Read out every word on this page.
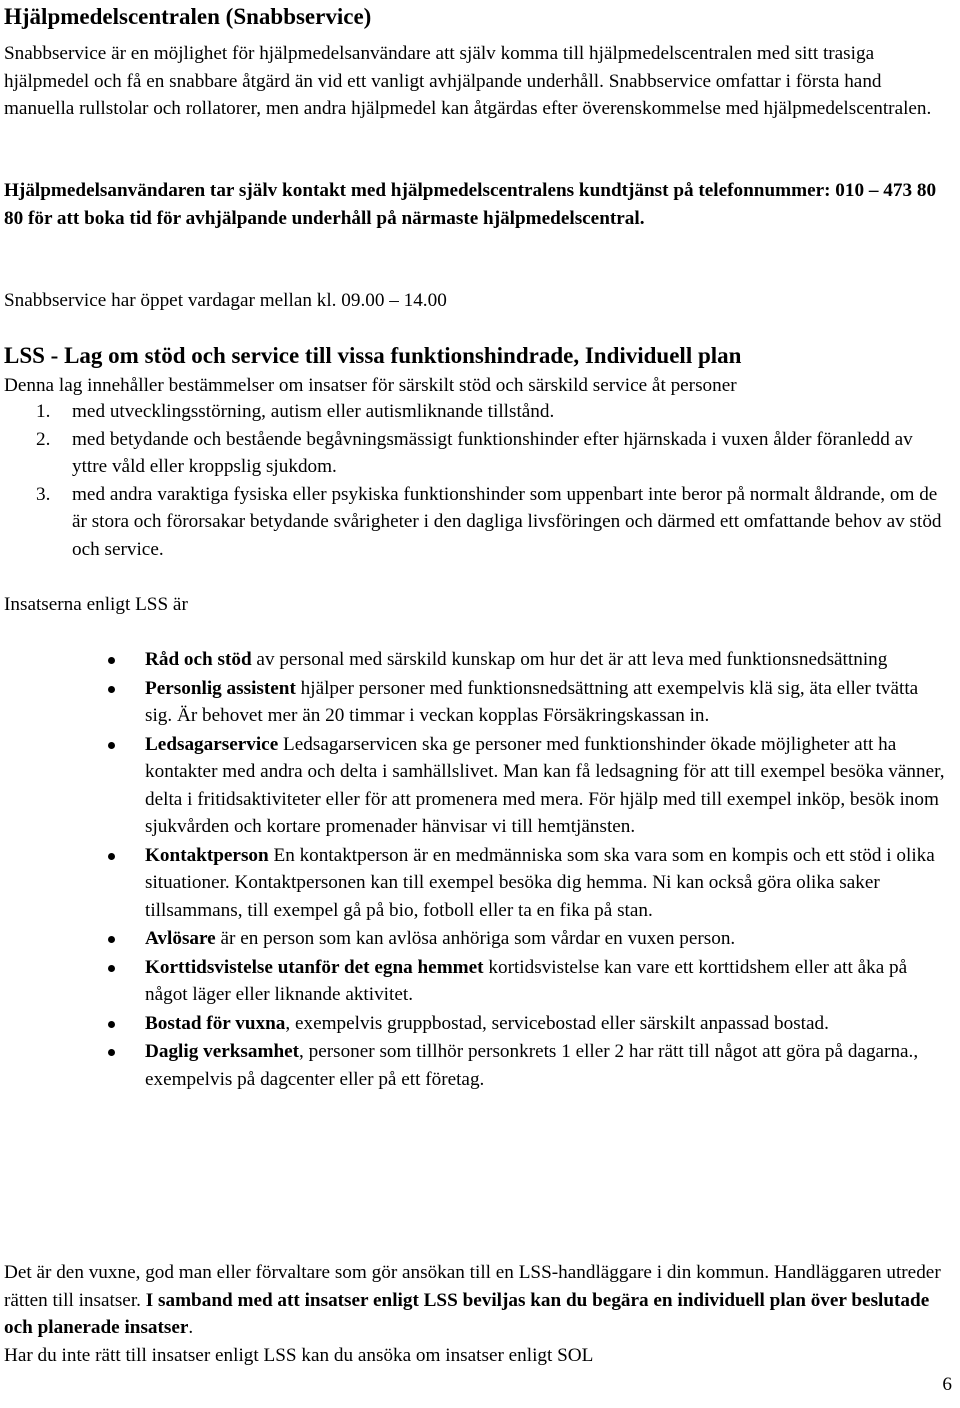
Hjälpmedelscentralen (Snabbservice)

Snabbservice är en möjlighet för hjälpmedelsanvändare att själv komma till hjälpmedelscentralen med sitt trasiga hjälpmedel och få en snabbare åtgärd än vid ett vanligt avhjälpande underhåll. Snabbservice omfattar i första hand manuella rullstolar och rollatorer, men andra hjälpmedel kan åtgärdas efter överenskommelse med hjälpmedelscentralen.

Hjälpmedelsanvändaren tar själv kontakt med hjälpmedelscentralens kundtjänst på telefonnummer: 010 – 473 80 80 för att boka tid för avhjälpande underhåll på närmaste hjälpmedelscentral.

Snabbservice har öppet vardagar mellan kl. 09.00 – 14.00

LSS - Lag om stöd och service till vissa funktionshindrade, Individuell plan

Denna lag innehåller bestämmelser om insatser för särskilt stöd och särskild service åt personer

1. med utvecklingsstörning, autism eller autismliknande tillstånd.
2. med betydande och bestående begåvningsmässigt funktionshinder efter hjärnskada i vuxen ålder föranledd av yttre våld eller kroppslig sjukdom.
3. med andra varaktiga fysiska eller psykiska funktionshinder som uppenbart inte beror på normalt åldrande, om de är stora och förorsakar betydande svårigheter i den dagliga livsföringen och därmed ett omfattande behov av stöd och service.

Insatserna enligt LSS är

Råd och stöd av personal med särskild kunskap om hur det är att leva med funktionsnedsättning
Personlig assistent hjälper personer med funktionsnedsättning att exempelvis klä sig, äta eller tvätta sig. Är behovet mer än 20 timmar i veckan kopplas Försäkringskassan in.
Ledsagarservice Ledsagarservicen ska ge personer med funktionshinder ökade möjligheter att ha kontakter med andra och delta i samhällslivet. Man kan få ledsagning för att till exempel besöka vänner, delta i fritidsaktiviteter eller för att promenera med mera. För hjälp med till exempel inköp, besök inom sjukvården och kortare promenader hänvisar vi till hemtjänsten.
Kontaktperson En kontaktperson är en medmänniska som ska vara som en kompis och ett stöd i olika situationer. Kontaktpersonen kan till exempel besöka dig hemma. Ni kan också göra olika saker tillsammans, till exempel gå på bio, fotboll eller ta en fika på stan.
Avlösare är en person som kan avlösa anhöriga som vårdar en vuxen person.
Korttidsvistelse utanför det egna hemmet kortidsvistelse kan vare ett korttidshem eller att åka på något läger eller liknande aktivitet.
Bostad för vuxna, exempelvis gruppbostad, servicebostad eller särskilt anpassad bostad.
Daglig verksamhet, personer som tillhör personkrets 1 eller 2 har rätt till något att göra på dagarna., exempelvis på dagcenter eller på ett företag.

Det är den vuxne, god man eller förvaltare som gör ansökan till en LSS-handläggare i din kommun. Handläggaren utreder rätten till insatser. I samband med att insatser enligt LSS beviljas kan du begära en individuell plan över beslutade och planerade insatser.
Har du inte rätt till insatser enligt LSS kan du ansöka om insatser enligt SOL

6
